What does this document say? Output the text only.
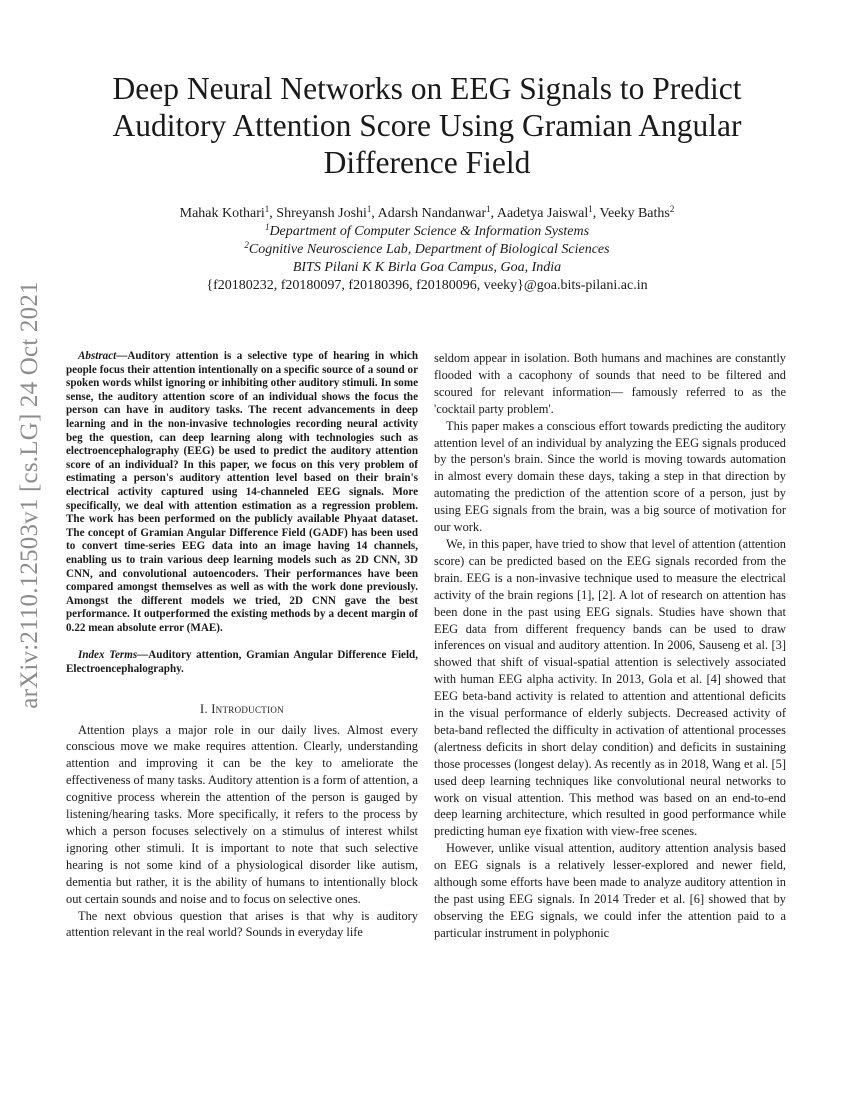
arXiv:2110.12503v1 [cs.LG] 24 Oct 2021
Deep Neural Networks on EEG Signals to Predict Auditory Attention Score Using Gramian Angular Difference Field
Mahak Kothari$^1$, Shreyansh Joshi$^1$, Adarsh Nandanwar$^1$, Aadetya Jaiswal$^1$, Veeky Baths$^2$
$^1$Department of Computer Science & Information Systems
$^2$Cognitive Neuroscience Lab, Department of Biological Sciences
BITS Pilani K K Birla Goa Campus, Goa, India
{f20180232, f20180097, f20180396, f20180096, veeky}@goa.bits-pilani.ac.in

Abstract—Auditory attention is a selective type of hearing in which people focus their attention intentionally on a specific source of a sound or spoken words whilst ignoring or inhibiting other auditory stimuli. In some sense, the auditory attention score of an individual shows the focus the person can have in auditory tasks. The recent advancements in deep learning and in the non-invasive technologies recording neural activity beg the question, can deep learning along with technologies such as electroencephalography (EEG) be used to predict the auditory attention score of an individual? In this paper, we focus on this very problem of estimating a person's auditory attention level based on their brain's electrical activity captured using 14-channeled EEG signals. More specifically, we deal with attention estimation as a regression problem. The work has been performed on the publicly available Phyaat dataset. The concept of Gramian Angular Difference Field (GADF) has been used to convert time-series EEG data into an image having 14 channels, enabling us to train various deep learning models such as 2D CNN, 3D CNN, and convolutional autoencoders. Their performances have been compared amongst themselves as well as with the work done previously. Amongst the different models we tried, 2D CNN gave the best performance. It outperformed the existing methods by a decent margin of 0.22 mean absolute error (MAE).

Index Terms—Auditory attention, Gramian Angular Difference Field, Electroencephalography.

I. Introduction

Attention plays a major role in our daily lives. Almost every conscious move we make requires attention. Clearly, understanding attention and improving it can be the key to ameliorate the effectiveness of many tasks. Auditory attention is a form of attention, a cognitive process wherein the attention of the person is gauged by listening/hearing tasks. More specifically, it refers to the process by which a person focuses selectively on a stimulus of interest whilst ignoring other stimuli. It is important to note that such selective hearing is not some kind of a physiological disorder like autism, dementia but rather, it is the ability of humans to intentionally block out certain sounds and noise and to focus on selective ones.

The next obvious question that arises is that why is auditory attention relevant in the real world? Sounds in everyday life

seldom appear in isolation. Both humans and machines are constantly flooded with a cacophony of sounds that need to be filtered and scoured for relevant information— famously referred to as the 'cocktail party problem'.

This paper makes a conscious effort towards predicting the auditory attention level of an individual by analyzing the EEG signals produced by the person's brain. Since the world is moving towards automation in almost every domain these days, taking a step in that direction by automating the prediction of the attention score of a person, just by using EEG signals from the brain, was a big source of motivation for our work.

We, in this paper, have tried to show that level of attention (attention score) can be predicted based on the EEG signals recorded from the brain. EEG is a non-invasive technique used to measure the electrical activity of the brain regions [1], [2]. A lot of research on attention has been done in the past using EEG signals. Studies have shown that EEG data from different frequency bands can be used to draw inferences on visual and auditory attention. In 2006, Sauseng et al. [3] showed that shift of visual-spatial attention is selectively associated with human EEG alpha activity. In 2013, Gola et al. [4] showed that EEG beta-band activity is related to attention and attentional deficits in the visual performance of elderly subjects. Decreased activity of beta-band reflected the difficulty in activation of attentional processes (alertness deficits in short delay condition) and deficits in sustaining those processes (longest delay). As recently as in 2018, Wang et al. [5] used deep learning techniques like convolutional neural networks to work on visual attention. This method was based on an end-to-end deep learning architecture, which resulted in good performance while predicting human eye fixation with view-free scenes.

However, unlike visual attention, auditory attention analysis based on EEG signals is a relatively lesser-explored and newer field, although some efforts have been made to analyze auditory attention in the past using EEG signals. In 2014 Treder et al. [6] showed that by observing the EEG signals, we could infer the attention paid to a particular instrument in polyphonic
